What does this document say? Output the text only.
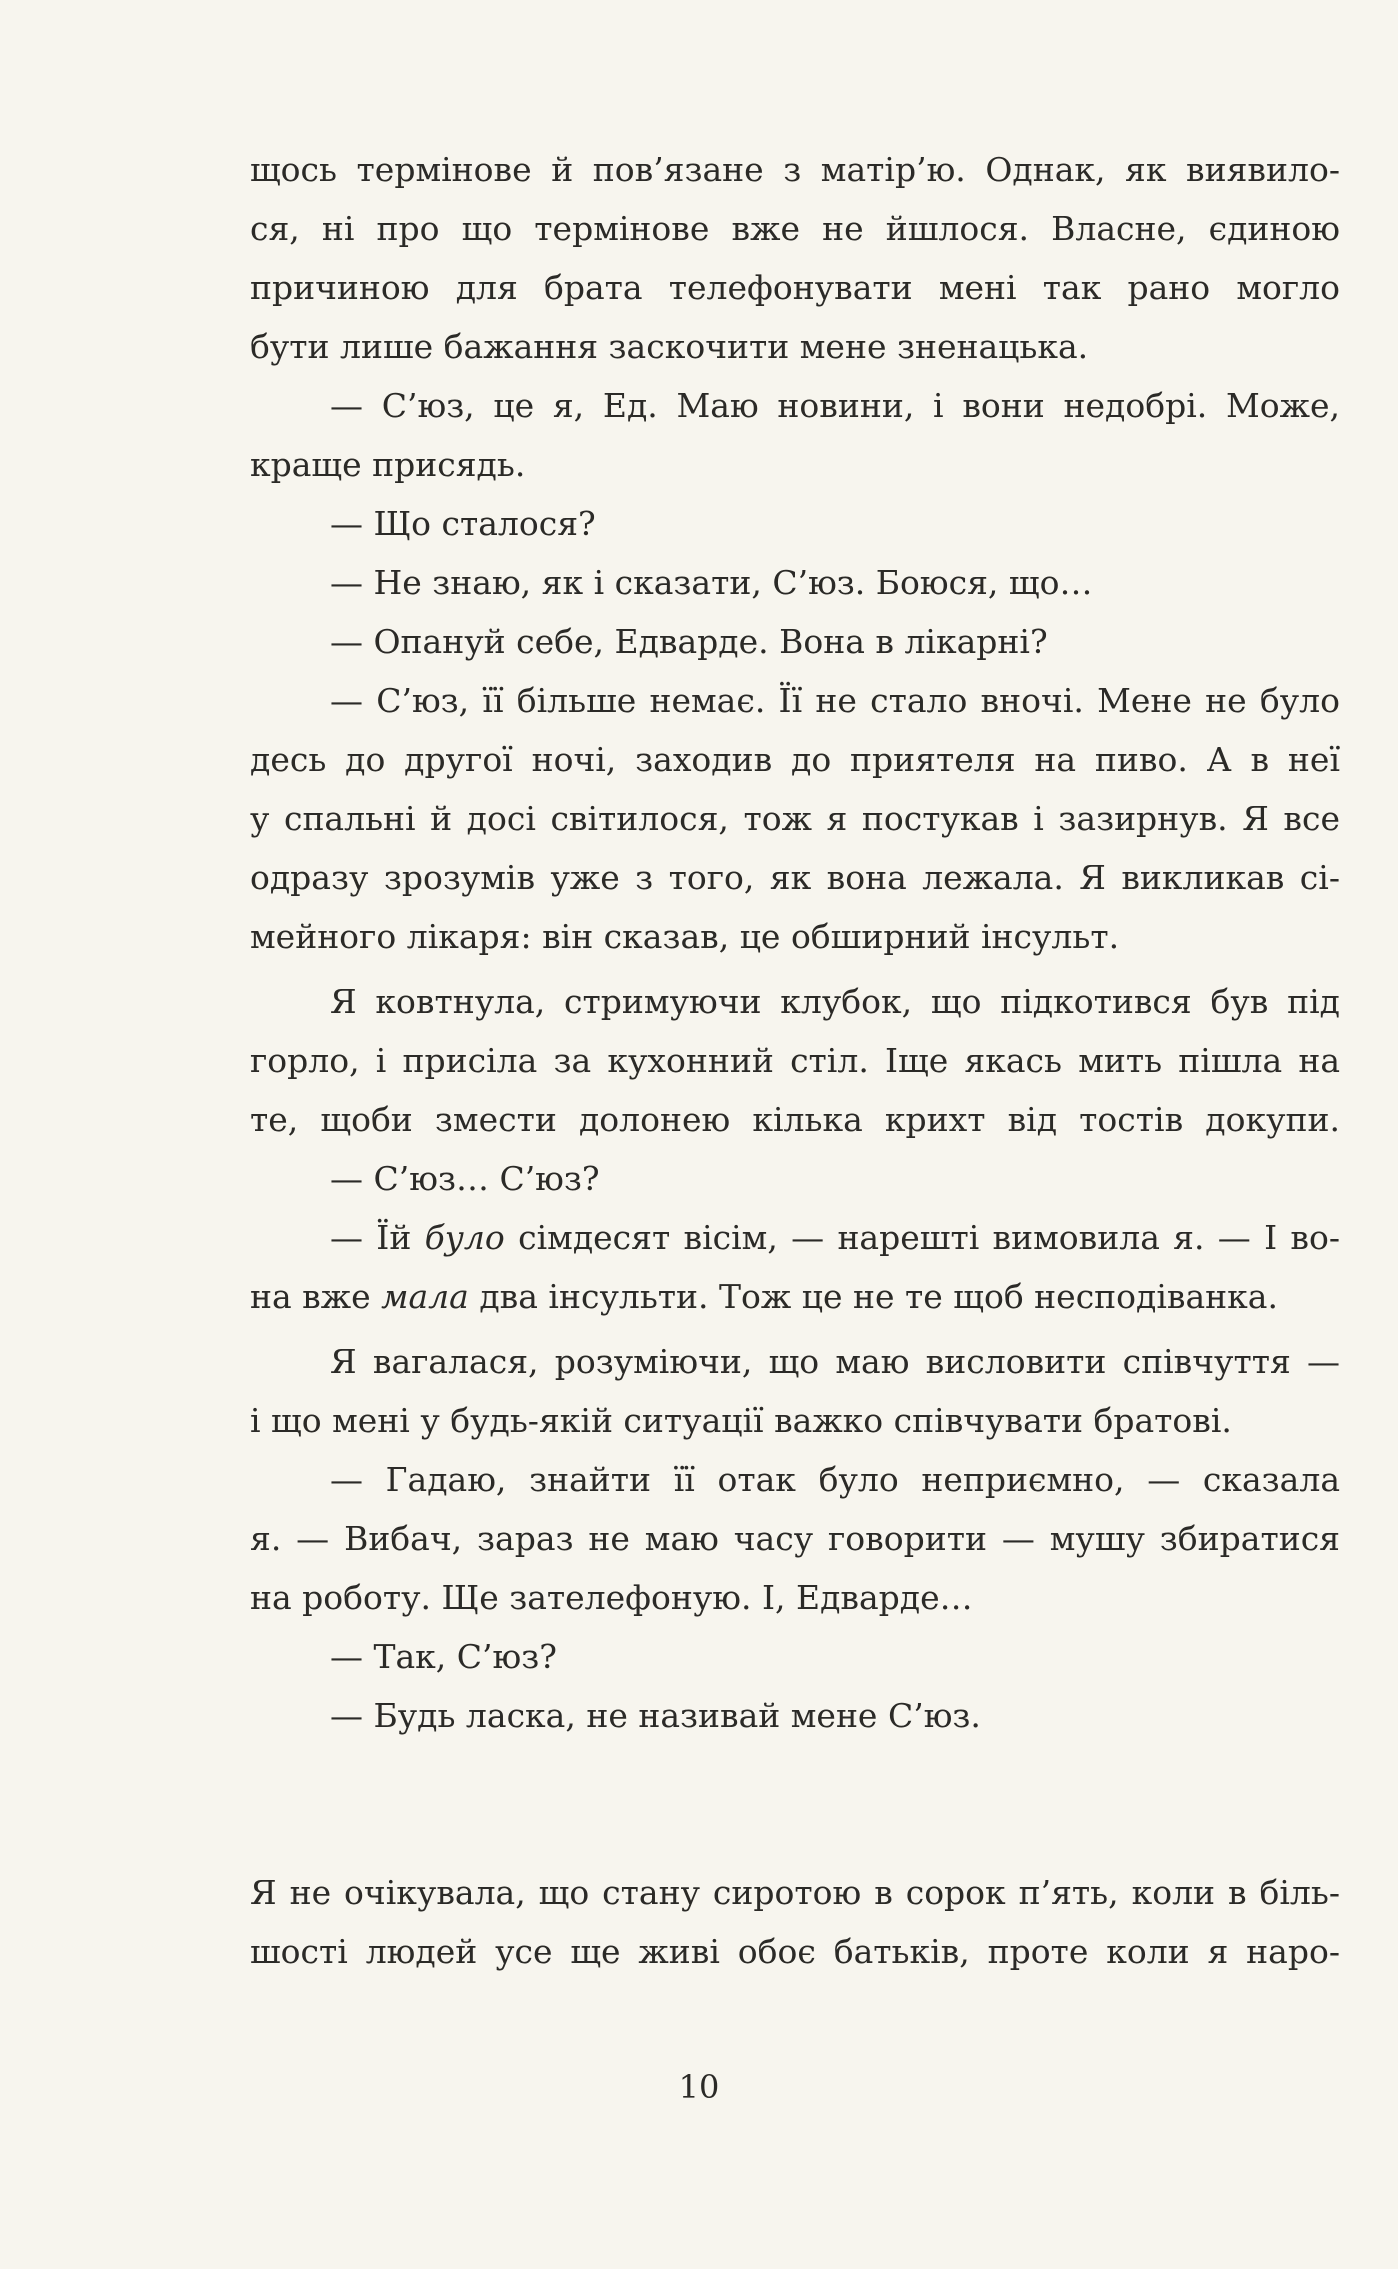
щось термінове й пов’язане з матір’ю. Однак, як виявило-
ся, ні про що термінове вже не йшлося. Власне, єдиною
причиною для брата телефонувати мені так рано могло
бути лише бажання заскочити мене зненацька.
— С’юз, це я, Ед. Маю новини, і вони недобрі. Може,
краще присядь.
— Що сталося?
— Не знаю, як і сказати, С’юз. Боюся, що…
— Опануй себе, Едварде. Вона в лікарні?
— С’юз, її більше немає. Її не стало вночі. Мене не було
десь до другої ночі, заходив до приятеля на пиво. А в неї
у спальні й досі світилося, тож я постукав і зазирнув. Я все
одразу зрозумів уже з того, як вона лежала. Я викликав сі-
мейного лікаря: він сказав, це обширний інсульт.
Я ковтнула, стримуючи клубок, що підкотився був під
горло, і присіла за кухонний стіл. Іще якась мить пішла на
те, щоби змести долонею кілька крихт від тостів докупи.
— С’юз… С’юз?
— Їй було сімдесят вісім, — нарешті вимовила я. — І во-
на вже мала два інсульти. Тож це не те щоб несподіванка.
Я вагалася, розуміючи, що маю висловити співчуття —
і що мені у будь-якій ситуації важко співчувати братові.
— Гадаю, знайти її отак було неприємно, — сказала
я. — Вибач, зараз не маю часу говорити — мушу збиратися
на роботу. Ще зателефоную. І, Едварде…
— Так, С’юз?
— Будь ласка, не називай мене С’юз.
Я не очікувала, що стану сиротою в сорок п’ять, коли в біль-
шості людей усе ще живі обоє батьків, проте коли я наро-
10
